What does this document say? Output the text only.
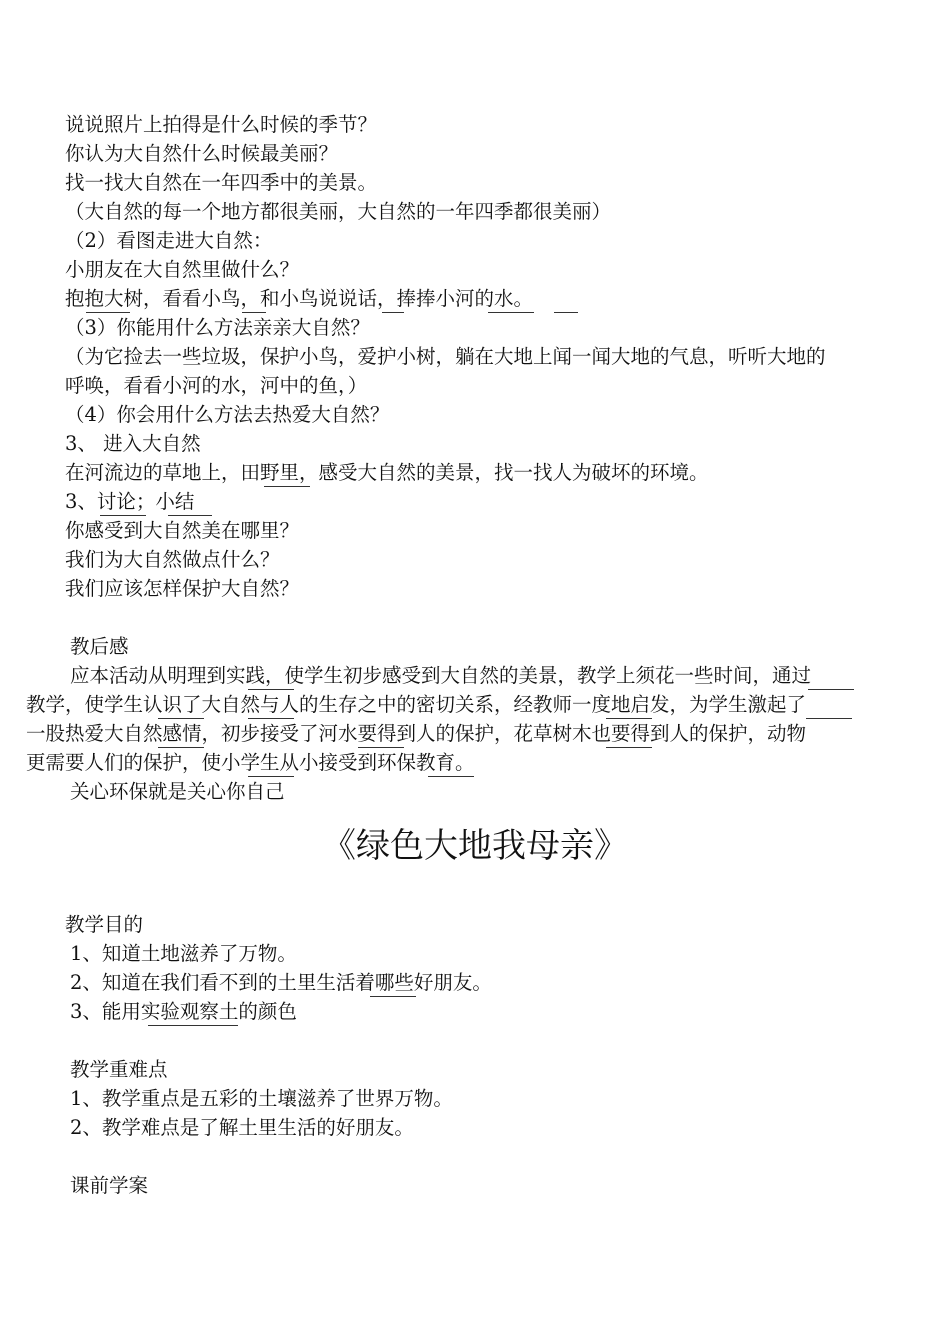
说说照片上拍得是什么时候的季节？

你认为大自然什么时候最美丽？

找一找大自然在一年四季中的美景。

（大自然的每一个地方都很美丽，大自然的一年四季都很美丽）

（2）看图走进大自然：

小朋友在大自然里做什么？

抱抱大树，看看小鸟，和小鸟说说话，捧捧小河的水。

（3）你能用什么方法亲亲大自然？

（为它捡去一些垃圾，保护小鸟，爱护小树，躺在大地上闻一闻大地的气息，听听大地的

呼唤，看看小河的水，河中的鱼，）

（4）你会用什么方法去热爱大自然？

3、 进入大自然

在河流边的草地上，田野里，感受大自然的美景，找一找人为破坏的环境。

3、讨论；小结

你感受到大自然美在哪里？

我们为大自然做点什么？

我们应该怎样保护大自然？

教后感

应本活动从明理到实践，使学生初步感受到大自然的美景，教学上须花一些时间，通过

教学，使学生认识了大自然与人的生存之中的密切关系，经教师一度地启发，为学生激起了

一股热爱大自然感情，初步接受了河水要得到人的保护，花草树木也要得到人的保护，动物

更需要人们的保护，使小学生从小接受到环保教育。

关心环保就是关心你自己

《绿色大地我母亲》

教学目的

1、知道土地滋养了万物。

2、知道在我们看不到的土里生活着哪些好朋友。

3、能用实验观察土的颜色

教学重难点

1、教学重点是五彩的土壤滋养了世界万物。

2、教学难点是了解土里生活的好朋友。

课前学案
